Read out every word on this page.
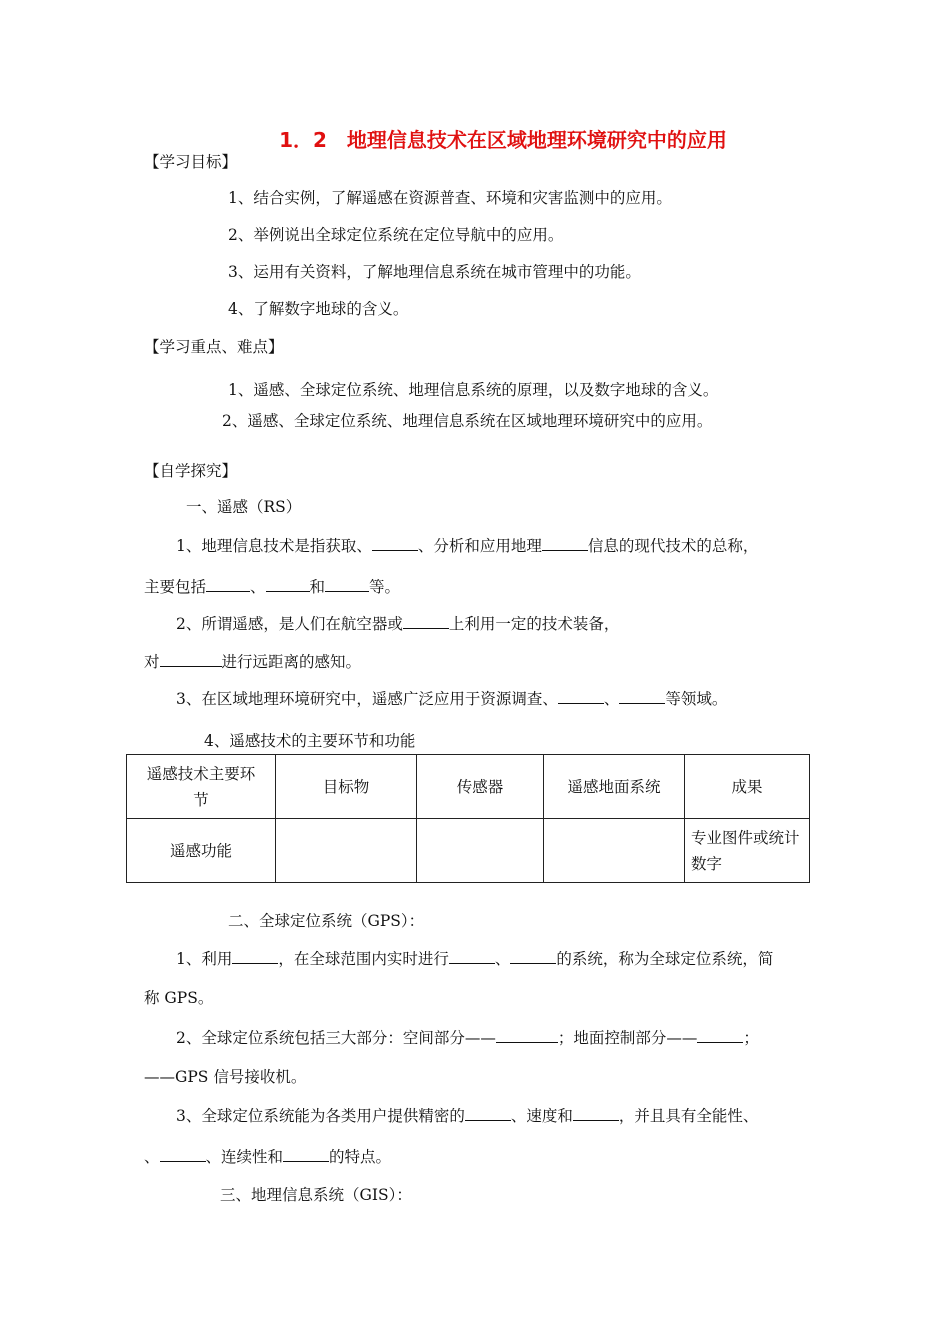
1．2　地理信息技术在区域地理环境研究中的应用
【学习目标】
1、结合实例，了解遥感在资源普查、环境和灾害监测中的应用。
2、举例说出全球定位系统在定位导航中的应用。
3、运用有关资料，了解地理信息系统在城市管理中的功能。
4、了解数字地球的含义。
【学习重点、难点】
1、遥感、全球定位系统、地理信息系统的原理，以及数字地球的含义。
2、遥感、全球定位系统、地理信息系统在区域地理环境研究中的应用。
【自学探究】
一、遥感（RS）
1、地理信息技术是指获取、	、分析和应用地理	信息的现代技术的总称，
主要包括	、	和	等。
2、所谓遥感，是人们在航空器或	上利用一定的技术装备，
对	进行远距离的感知。
3、在区域地理环境研究中，遥感广泛应用于资源调查、	、	等领域。
4、遥感技术的主要环节和功能
遥感技术主要环节	目标物	传感器	遥感地面系统	成果
遥感功能				专业图件或统计数字
二、全球定位系统（GPS）：
1、利用	，在全球范围内实时进行	、	的系统，称为全球定位系统，简
称 GPS。
2、全球定位系统包括三大部分：空间部分——	；地面控制部分——	；
——GPS 信号接收机。
3、全球定位系统能为各类用户提供精密的	、速度和	，并且具有全能性、
、	、连续性和	的特点。
三、地理信息系统（GIS）：
